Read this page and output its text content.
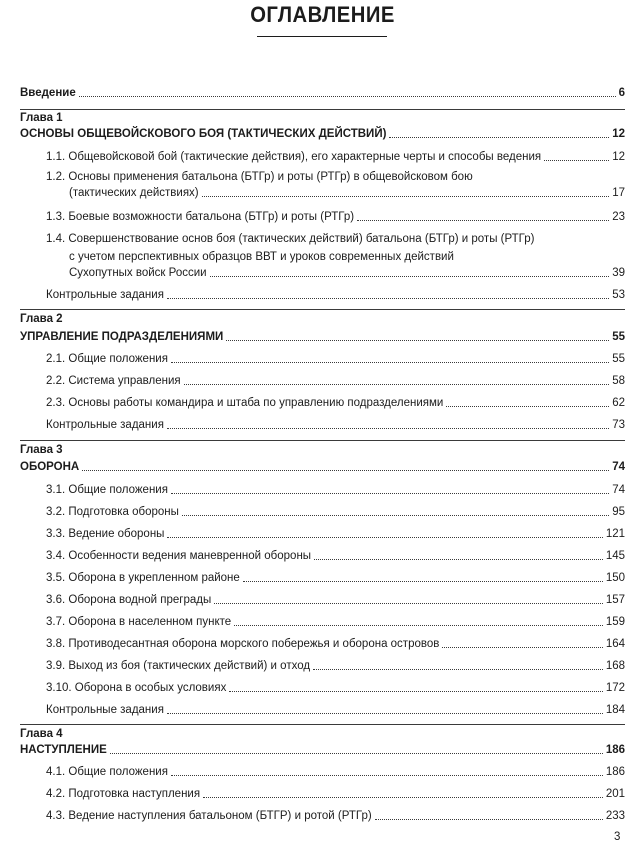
ОГЛАВЛЕНИЕ
Введение	6
Глава 1
ОСНОВЫ ОБЩЕВОЙСКОВОГО БОЯ (ТАКТИЧЕСКИХ ДЕЙСТВИЙ)	12
1.1. Общевойсковой бой (тактические действия), его характерные черты и способы ведения	12
1.2. Основы применения батальона (БТГр) и роты (РТГр) в общевойсковом бою
(тактических действиях)	17
1.3. Боевые возможности батальона (БТГр) и роты (РТГр)	23
1.4. Совершенствование основ боя (тактических действий) батальона (БТГр) и роты (РТГр)
с учетом перспективных образцов ВВТ и уроков современных действий
Сухопутных войск России	39
Контрольные задания	53
Глава 2
УПРАВЛЕНИЕ ПОДРАЗДЕЛЕНИЯМИ	55
2.1. Общие положения	55
2.2. Система управления	58
2.3. Основы работы командира и штаба по управлению подразделениями	62
Контрольные задания	73
Глава 3
ОБОРОНА	74
3.1. Общие положения	74
3.2. Подготовка обороны	95
3.3. Ведение обороны	121
3.4. Особенности ведения маневренной обороны	145
3.5. Оборона в укрепленном районе	150
3.6. Оборона водной преграды	157
3.7. Оборона в населенном пункте	159
3.8. Противодесантная оборона морского побережья и оборона островов	164
3.9. Выход из боя (тактических действий) и отход	168
3.10. Оборона в особых условиях	172
Контрольные задания	184
Глава 4
НАСТУПЛЕНИЕ	186
4.1. Общие положения	186
4.2. Подготовка наступления	201
4.3. Ведение наступления батальоном (БТГР) и ротой (РТГр)	233
3
